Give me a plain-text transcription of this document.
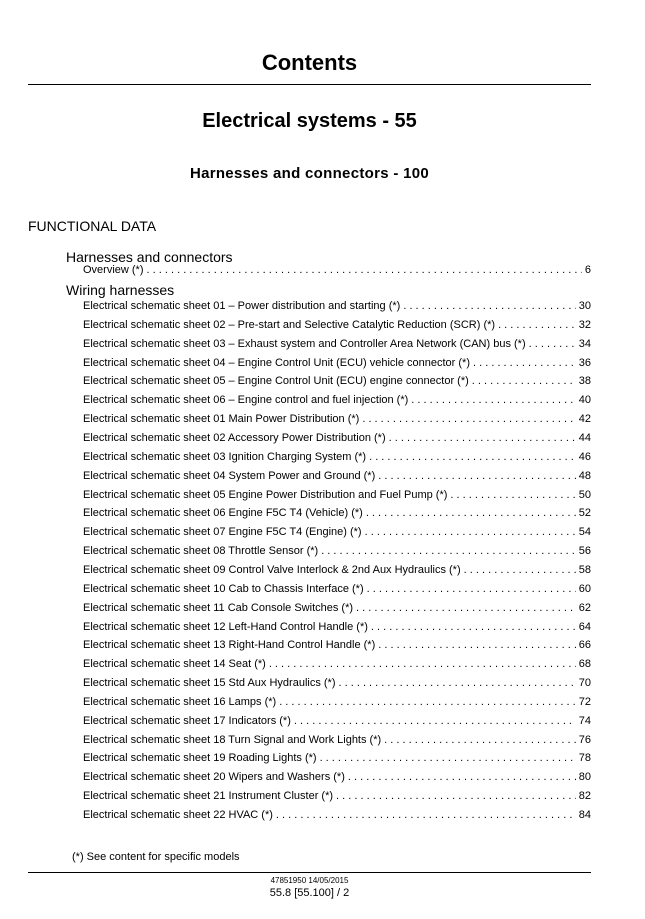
Contents
Electrical systems - 55
Harnesses and connectors - 100
FUNCTIONAL DATA
Harnesses and connectors
Overview (*) . . .	6
Wiring harnesses
Electrical schematic sheet 01 – Power distribution and starting (*) . . .	30
Electrical schematic sheet 02 – Pre-start and Selective Catalytic Reduction (SCR) (*) . . .	32
Electrical schematic sheet 03 – Exhaust system and Controller Area Network (CAN) bus (*) . . .	34
Electrical schematic sheet 04 – Engine Control Unit (ECU) vehicle connector (*) . . .	36
Electrical schematic sheet 05 – Engine Control Unit (ECU) engine connector (*) . . .	38
Electrical schematic sheet 06 – Engine control and fuel injection (*) . . .	40
Electrical schematic sheet 01 Main Power Distribution (*) . . .	42
Electrical schematic sheet 02 Accessory Power Distribution (*) . . .	44
Electrical schematic sheet 03 Ignition Charging System (*) . . .	46
Electrical schematic sheet 04 System Power and Ground (*) . . .	48
Electrical schematic sheet 05 Engine Power Distribution and Fuel Pump (*) . . .	50
Electrical schematic sheet 06 Engine F5C T4 (Vehicle) (*) . . .	52
Electrical schematic sheet 07 Engine F5C T4 (Engine) (*) . . .	54
Electrical schematic sheet 08 Throttle Sensor (*) . . .	56
Electrical schematic sheet 09 Control Valve Interlock & 2nd Aux Hydraulics (*) . . .	58
Electrical schematic sheet 10 Cab to Chassis Interface (*) . . .	60
Electrical schematic sheet 11 Cab Console Switches (*) . . .	62
Electrical schematic sheet 12 Left-Hand Control Handle (*) . . .	64
Electrical schematic sheet 13 Right-Hand Control Handle (*) . . .	66
Electrical schematic sheet 14 Seat (*) . . .	68
Electrical schematic sheet 15 Std Aux Hydraulics (*) . . .	70
Electrical schematic sheet 16 Lamps (*) . . .	72
Electrical schematic sheet 17 Indicators (*) . . .	74
Electrical schematic sheet 18 Turn Signal and Work Lights (*) . . .	76
Electrical schematic sheet 19 Roading Lights (*) . . .	78
Electrical schematic sheet 20 Wipers and Washers (*) . . .	80
Electrical schematic sheet 21 Instrument Cluster (*) . . .	82
Electrical schematic sheet 22 HVAC (*) . . .	84
(*) See content for specific models
47851950 14/05/2015
55.8 [55.100] / 2
